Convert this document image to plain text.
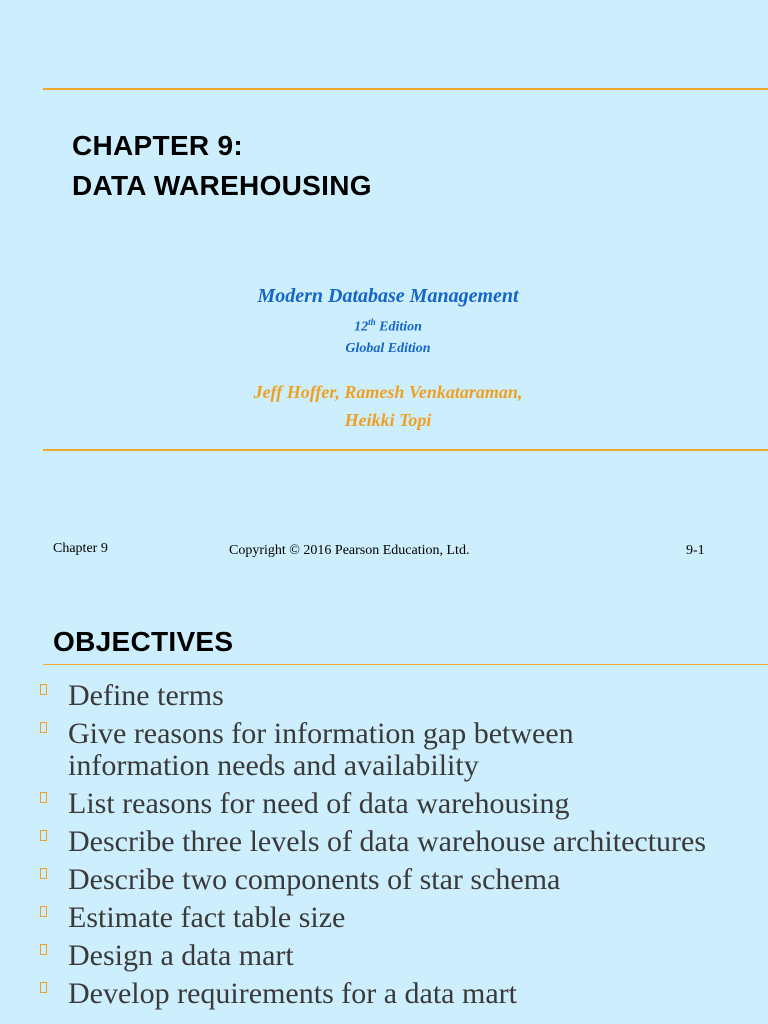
CHAPTER 9:
DATA WAREHOUSING
Modern Database Management
12th Edition
Global Edition
Jeff Hoffer, Ramesh Venkataraman,
Heikki Topi
Chapter 9	Copyright © 2016 Pearson Education, Ltd.	9-1
OBJECTIVES
Define terms
Give reasons for information gap between information needs and availability
List reasons for need of data warehousing
Describe three levels of data warehouse architectures
Describe two components of star schema
Estimate fact table size
Design a data mart
Develop requirements for a data mart
